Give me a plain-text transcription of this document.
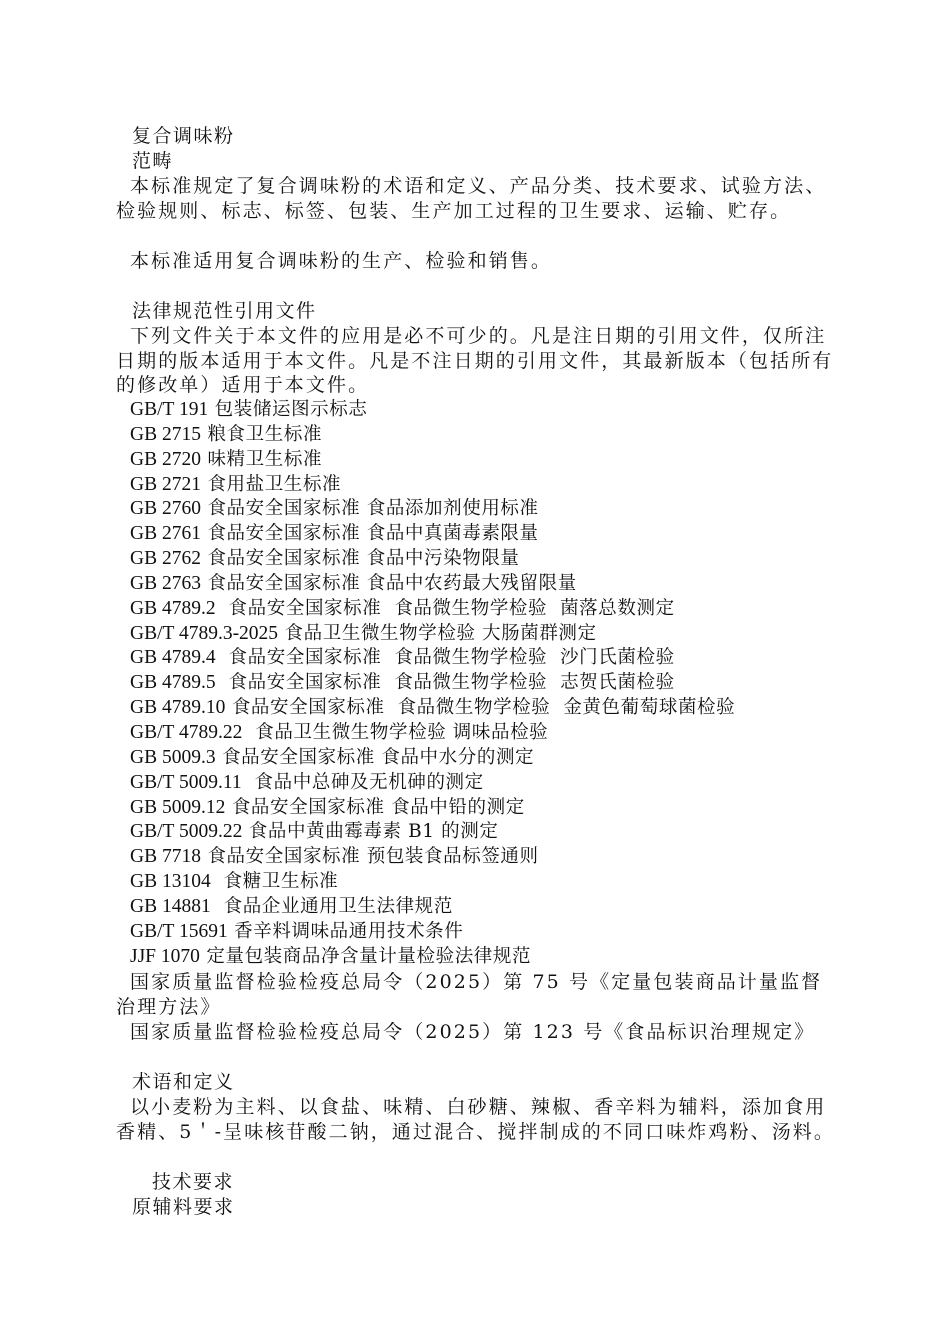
复合调味粉
范畴
本标准规定了复合调味粉的术语和定义、产品分类、技术要求、试验方法、检验规则、标志、标签、包装、生产加工过程的卫生要求、运输、贮存。
本标准适用复合调味粉的生产、检验和销售。
法律规范性引用文件
下列文件关于本文件的应用是必不可少的。凡是注日期的引用文件，仅所注日期的版本适用于本文件。凡是不注日期的引用文件，其最新版本（包括所有的修改单）适用于本文件。
GB/T 191 包装储运图示标志
GB 2715 粮食卫生标准
GB 2720 味精卫生标准
GB 2721 食用盐卫生标准
GB 2760 食品安全国家标准 食品添加剂使用标准
GB 2761 食品安全国家标准 食品中真菌毒素限量
GB 2762 食品安全国家标准 食品中污染物限量
GB 2763 食品安全国家标准 食品中农药最大残留限量
GB 4789.2  食品安全国家标准  食品微生物学检验  菌落总数测定
GB/T 4789.3-2025 食品卫生微生物学检验 大肠菌群测定
GB 4789.4  食品安全国家标准  食品微生物学检验  沙门氏菌检验
GB 4789.5  食品安全国家标准  食品微生物学检验  志贺氏菌检验
GB 4789.10 食品安全国家标准  食品微生物学检验  金黄色葡萄球菌检验
GB/T 4789.22  食品卫生微生物学检验 调味品检验
GB 5009.3 食品安全国家标准 食品中水分的测定
GB/T 5009.11  食品中总砷及无机砷的测定
GB 5009.12 食品安全国家标准 食品中铅的测定
GB/T 5009.22 食品中黄曲霉毒素 B1 的测定
GB 7718 食品安全国家标准 预包装食品标签通则
GB 13104  食糖卫生标准
GB 14881  食品企业通用卫生法律规范
GB/T 15691 香辛料调味品通用技术条件
JJF 1070 定量包装商品净含量计量检验法律规范
国家质量监督检验检疫总局令（2025）第 75 号《定量包装商品计量监督治理方法》
国家质量监督检验检疫总局令（2025）第 123 号《食品标识治理规定》
术语和定义
以小麦粉为主料、以食盐、味精、白砂糖、辣椒、香辛料为辅料，添加食用香精、5＇-呈味核苷酸二钠，通过混合、搅拌制成的不同口味炸鸡粉、汤料。
技术要求
原辅料要求
